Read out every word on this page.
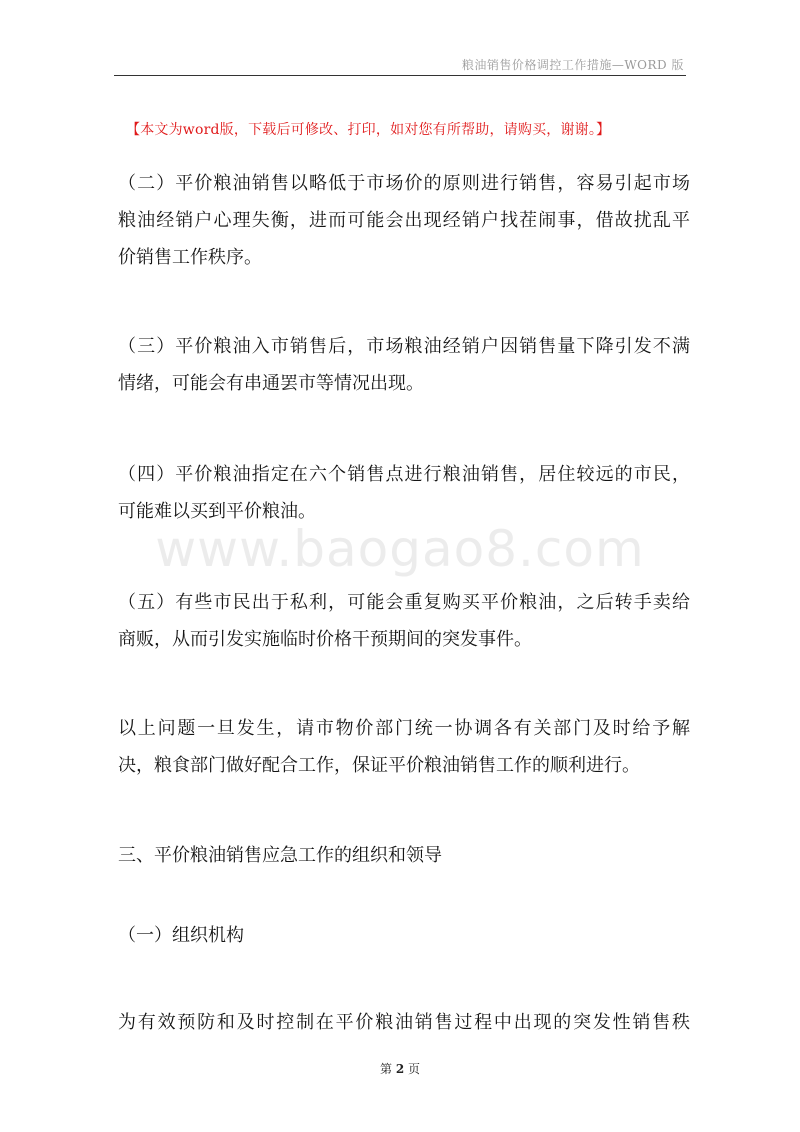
粮油销售价格调控工作措施—WORD 版
【本文为word版，下载后可修改、打印，如对您有所帮助，请购买，谢谢。】
www.baogao8.com

（二）平价粮油销售以略低于市场价的原则进行销售，容易引起市场
粮油经销户心理失衡，进而可能会出现经销户找茬闹事，借故扰乱平
价销售工作秩序。

（三）平价粮油入市销售后，市场粮油经销户因销售量下降引发不满
情绪，可能会有串通罢市等情况出现。

（四）平价粮油指定在六个销售点进行粮油销售，居住较远的市民，
可能难以买到平价粮油。

（五）有些市民出于私利，可能会重复购买平价粮油，之后转手卖给
商贩，从而引发实施临时价格干预期间的突发事件。

以上问题一旦发生，请市物价部门统一协调各有关部门及时给予解
决，粮食部门做好配合工作，保证平价粮油销售工作的顺利进行。

三、平价粮油销售应急工作的组织和领导

（一）组织机构

为有效预防和及时控制在平价粮油销售过程中出现的突发性销售秩

第 2 页
